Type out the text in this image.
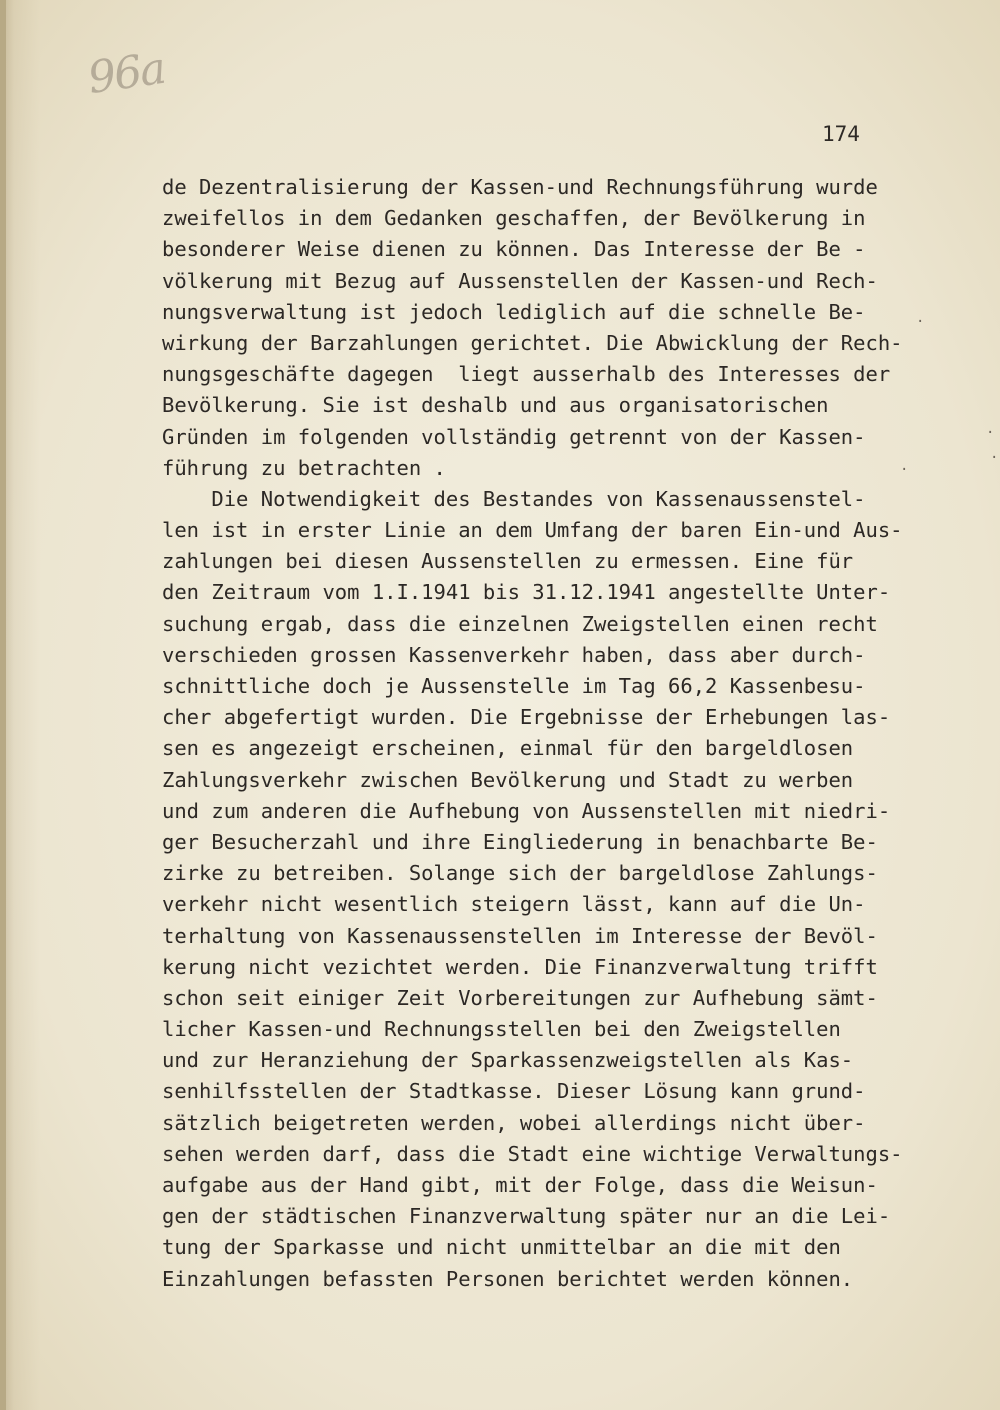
96a
174
de Dezentralisierung der Kassen-und Rechnungsführung wurde
zweifellos in dem Gedanken geschaffen, der Bevölkerung in
besonderer Weise dienen zu können. Das Interesse der Be -
völkerung mit Bezug auf Aussenstellen der Kassen-und Rech-
nungsverwaltung ist jedoch lediglich auf die schnelle Be-
wirkung der Barzahlungen gerichtet. Die Abwicklung der Rech-
nungsgeschäfte dagegen  liegt ausserhalb des Interesses der
Bevölkerung. Sie ist deshalb und aus organisatorischen
Gründen im folgenden vollständig getrennt von der Kassen-
führung zu betrachten .
Die Notwendigkeit des Bestandes von Kassenaussenstel-
len ist in erster Linie an dem Umfang der baren Ein-und Aus-
zahlungen bei diesen Aussenstellen zu ermessen. Eine für
den Zeitraum vom 1.I.1941 bis 31.12.1941 angestellte Unter-
suchung ergab, dass die einzelnen Zweigstellen einen recht
verschieden grossen Kassenverkehr haben, dass aber durch-
schnittliche doch je Aussenstelle im Tag 66,2 Kassenbesu-
cher abgefertigt wurden. Die Ergebnisse der Erhebungen las-
sen es angezeigt erscheinen, einmal für den bargeldlosen
Zahlungsverkehr zwischen Bevölkerung und Stadt zu werben
und zum anderen die Aufhebung von Aussenstellen mit niedri-
ger Besucherzahl und ihre Eingliederung in benachbarte Be-
zirke zu betreiben. Solange sich der bargeldlose Zahlungs-
verkehr nicht wesentlich steigern lässt, kann auf die Un-
terhaltung von Kassenaussenstellen im Interesse der Bevöl-
kerung nicht vezichtet werden. Die Finanzverwaltung trifft
schon seit einiger Zeit Vorbereitungen zur Aufhebung sämt-
licher Kassen-und Rechnungsstellen bei den Zweigstellen
und zur Heranziehung der Sparkassenzweigstellen als Kas-
senhilfsstellen der Stadtkasse. Dieser Lösung kann grund-
sätzlich beigetreten werden, wobei allerdings nicht über-
sehen werden darf, dass die Stadt eine wichtige Verwaltungs-
aufgabe aus der Hand gibt, mit der Folge, dass die Weisun-
gen der städtischen Finanzverwaltung später nur an die Lei-
tung der Sparkasse und nicht unmittelbar an die mit den
Einzahlungen befassten Personen berichtet werden können.
·
·
.
.
